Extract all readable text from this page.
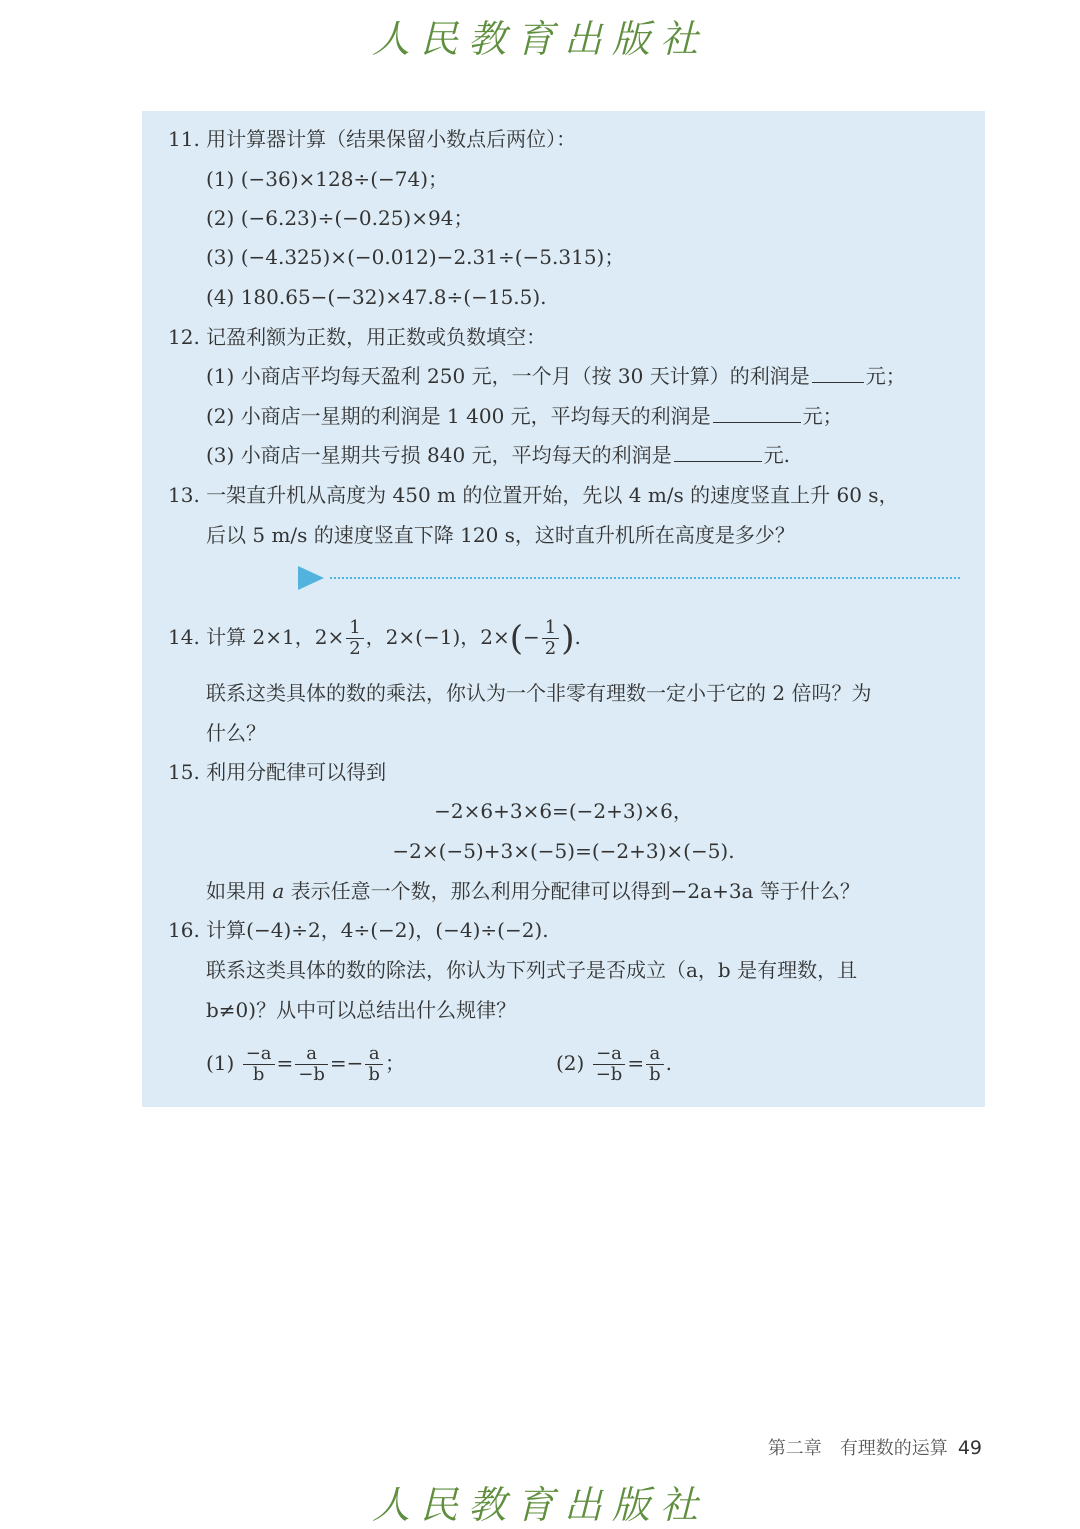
人民教育出版社
11. 用计算器计算（结果保留小数点后两位）：
(1) (−36)×128÷(−74)；
(2) (−6.23)÷(−0.25)×94；
(3) (−4.325)×(−0.012)−2.31÷(−5.315)；
(4) 180.65−(−32)×47.8÷(−15.5).
12. 记盈利额为正数，用正数或负数填空：
(1) 小商店平均每天盈利 250 元，一个月（按 30 天计算）的利润是	元；
(2) 小商店一星期的利润是 1 400 元，平均每天的利润是	元；
(3) 小商店一星期共亏损 840 元，平均每天的利润是	元.
13. 一架直升机从高度为 450 m 的位置开始，先以 4 m/s 的速度竖直上升 60 s，
后以 5 m/s 的速度竖直下降 120 s，这时直升机所在高度是多少？
14. 计算 2×1，$2\times \frac{1}{2}$ ，2×(−1)，$2\times(- \frac{1}{2}$ ).
联系这类具体的数的乘法，你认为一个非零有理数一定小于它的 2 倍吗？为
什么？
15. 利用分配律可以得到
−2×6+3×6=(−2+3)×6，
−2×(−5)+3×(−5)=(−2+3)×(−5).
如果用 a 表示任意一个数，那么利用分配律可以得到−2a+3a 等于什么？
16. 计算(−4)÷2，4÷(−2)，(−4)÷(−2).
联系这类具体的数的除法，你认为下列式子是否成立（a，b 是有理数，且
b≠0)？从中可以总结出什么规律？
$(1) \frac{-a}{b} = \frac{a}{-b} =- \frac{a}{b}$ ；	$(2) \frac{-a}{-b} = \frac{a}{b}$ .
第二章 有理数的运算 49
人民教育出版社
